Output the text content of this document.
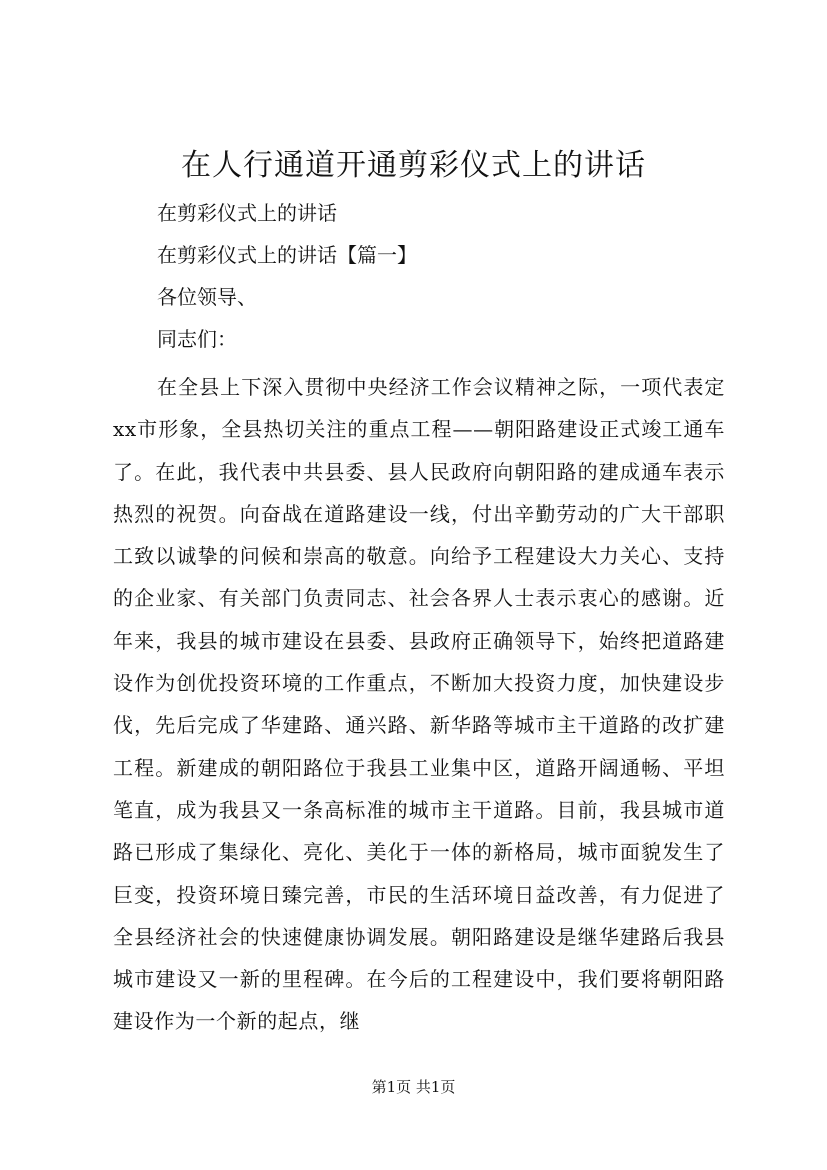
在人行通道开通剪彩仪式上的讲话

在剪彩仪式上的讲话

在剪彩仪式上的讲话【篇一】

各位领导、

同志们：

在全县上下深入贯彻中央经济工作会议精神之际，一项代表定xx市形象，全县热切关注的重点工程——朝阳路建设正式竣工通车了。在此，我代表中共县委、县人民政府向朝阳路的建成通车表示热烈的祝贺。向奋战在道路建设一线，付出辛勤劳动的广大干部职工致以诚挚的问候和崇高的敬意。向给予工程建设大力关心、支持的企业家、有关部门负责同志、社会各界人士表示衷心的感谢。近年来，我县的城市建设在县委、县政府正确领导下，始终把道路建设作为创优投资环境的工作重点，不断加大投资力度，加快建设步伐，先后完成了华建路、通兴路、新华路等城市主干道路的改扩建工程。新建成的朝阳路位于我县工业集中区，道路开阔通畅、平坦笔直，成为我县又一条高标准的城市主干道路。目前，我县城市道路已形成了集绿化、亮化、美化于一体的新格局，城市面貌发生了巨变，投资环境日臻完善，市民的生活环境日益改善，有力促进了全县经济社会的快速健康协调发展。朝阳路建设是继华建路后我县城市建设又一新的里程碑。在今后的工程建设中，我们要将朝阳路建设作为一个新的起点，继

第1页 共1页
